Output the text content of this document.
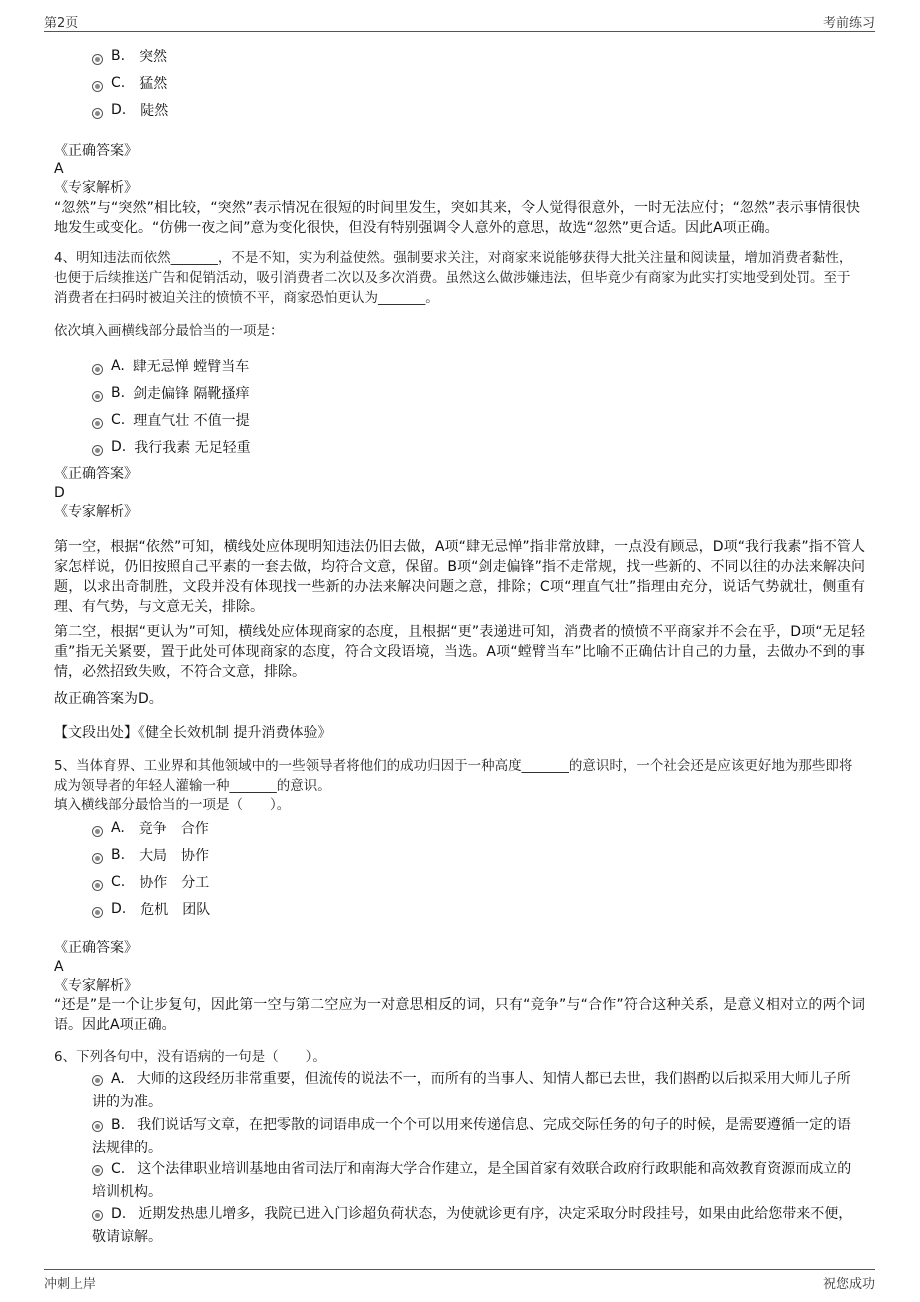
第2页	考前练习
B. 突然
C. 猛然
D. 陡然
《正确答案》
A
《专家解析》
“忽然”与“突然”相比较，“突然”表示情况在很短的时间里发生，突如其来，令人觉得很意外，一时无法应付；“忽然”表示事情很快地发生或变化。“仿佛一夜之间”意为变化很快，但没有特别强调令人意外的意思，故选“忽然”更合适。因此A项正确。
4、明知违法而依然_______，不是不知，实为利益使然。强制要求关注，对商家来说能够获得大批关注量和阅读量，增加消费者黏性，也便于后续推送广告和促销活动，吸引消费者二次以及多次消费。虽然这么做涉嫌违法，但毕竟少有商家为此实打实地受到处罚。至于消费者在扫码时被迫关注的愤愤不平，商家恐怕更认为_______。
依次填入画横线部分最恰当的一项是：
A. 肆无忌惮 螳臂当车
B. 剑走偏锋 隔靴搔痒
C. 理直气壮 不值一提
D. 我行我素 无足轻重
《正确答案》
D
《专家解析》
第一空，根据“依然”可知，横线处应体现明知违法仍旧去做，A项“肆无忌惮”指非常放肆，一点没有顾忌，D项“我行我素”指不管人家怎样说，仍旧按照自己平素的一套去做，均符合文意，保留。B项“剑走偏锋”指不走常规，找一些新的、不同以往的办法来解决问题，以求出奇制胜，文段并没有体现找一些新的办法来解决问题之意，排除；C项“理直气壮”指理由充分，说话气势就壮，侧重有理、有气势，与文意无关，排除。
第二空，根据“更认为”可知，横线处应体现商家的态度，且根据“更”表递进可知，消费者的愤愤不平商家并不会在乎，D项“无足轻重”指无关紧要，置于此处可体现商家的态度，符合文段语境，当选。A项“螳臂当车”比喻不正确估计自己的力量，去做办不到的事情，必然招致失败，不符合文意，排除。
故正确答案为D。
【文段出处】《健全长效机制 提升消费体验》
5、当体育界、工业界和其他领域中的一些领导者将他们的成功归因于一种高度_______的意识时，一个社会还是应该更好地为那些即将成为领导者的年轻人灌输一种_______的意识。
填入横线部分最恰当的一项是（　　）。
A. 竞争　合作
B. 大局　协作
C. 协作　分工
D. 危机　团队
《正确答案》
A
《专家解析》
“还是”是一个让步复句，因此第一空与第二空应为一对意思相反的词，只有“竞争”与“合作”符合这种关系，是意义相对立的两个词语。因此A项正确。
6、下列各句中，没有语病的一句是（　　）。
A. 大师的这段经历非常重要，但流传的说法不一，而所有的当事人、知情人都已去世，我们斟酌以后拟采用大师儿子所讲的为准。
B. 我们说话写文章，在把零散的词语串成一个个可以用来传递信息、完成交际任务的句子的时候，是需要遵循一定的语法规律的。
C. 这个法律职业培训基地由省司法厅和南海大学合作建立，是全国首家有效联合政府行政职能和高效教育资源而成立的培训机构。
D. 近期发热患儿增多，我院已进入门诊超负荷状态，为使就诊更有序，决定采取分时段挂号，如果由此给您带来不便，敬请谅解。
冲刺上岸	祝您成功
